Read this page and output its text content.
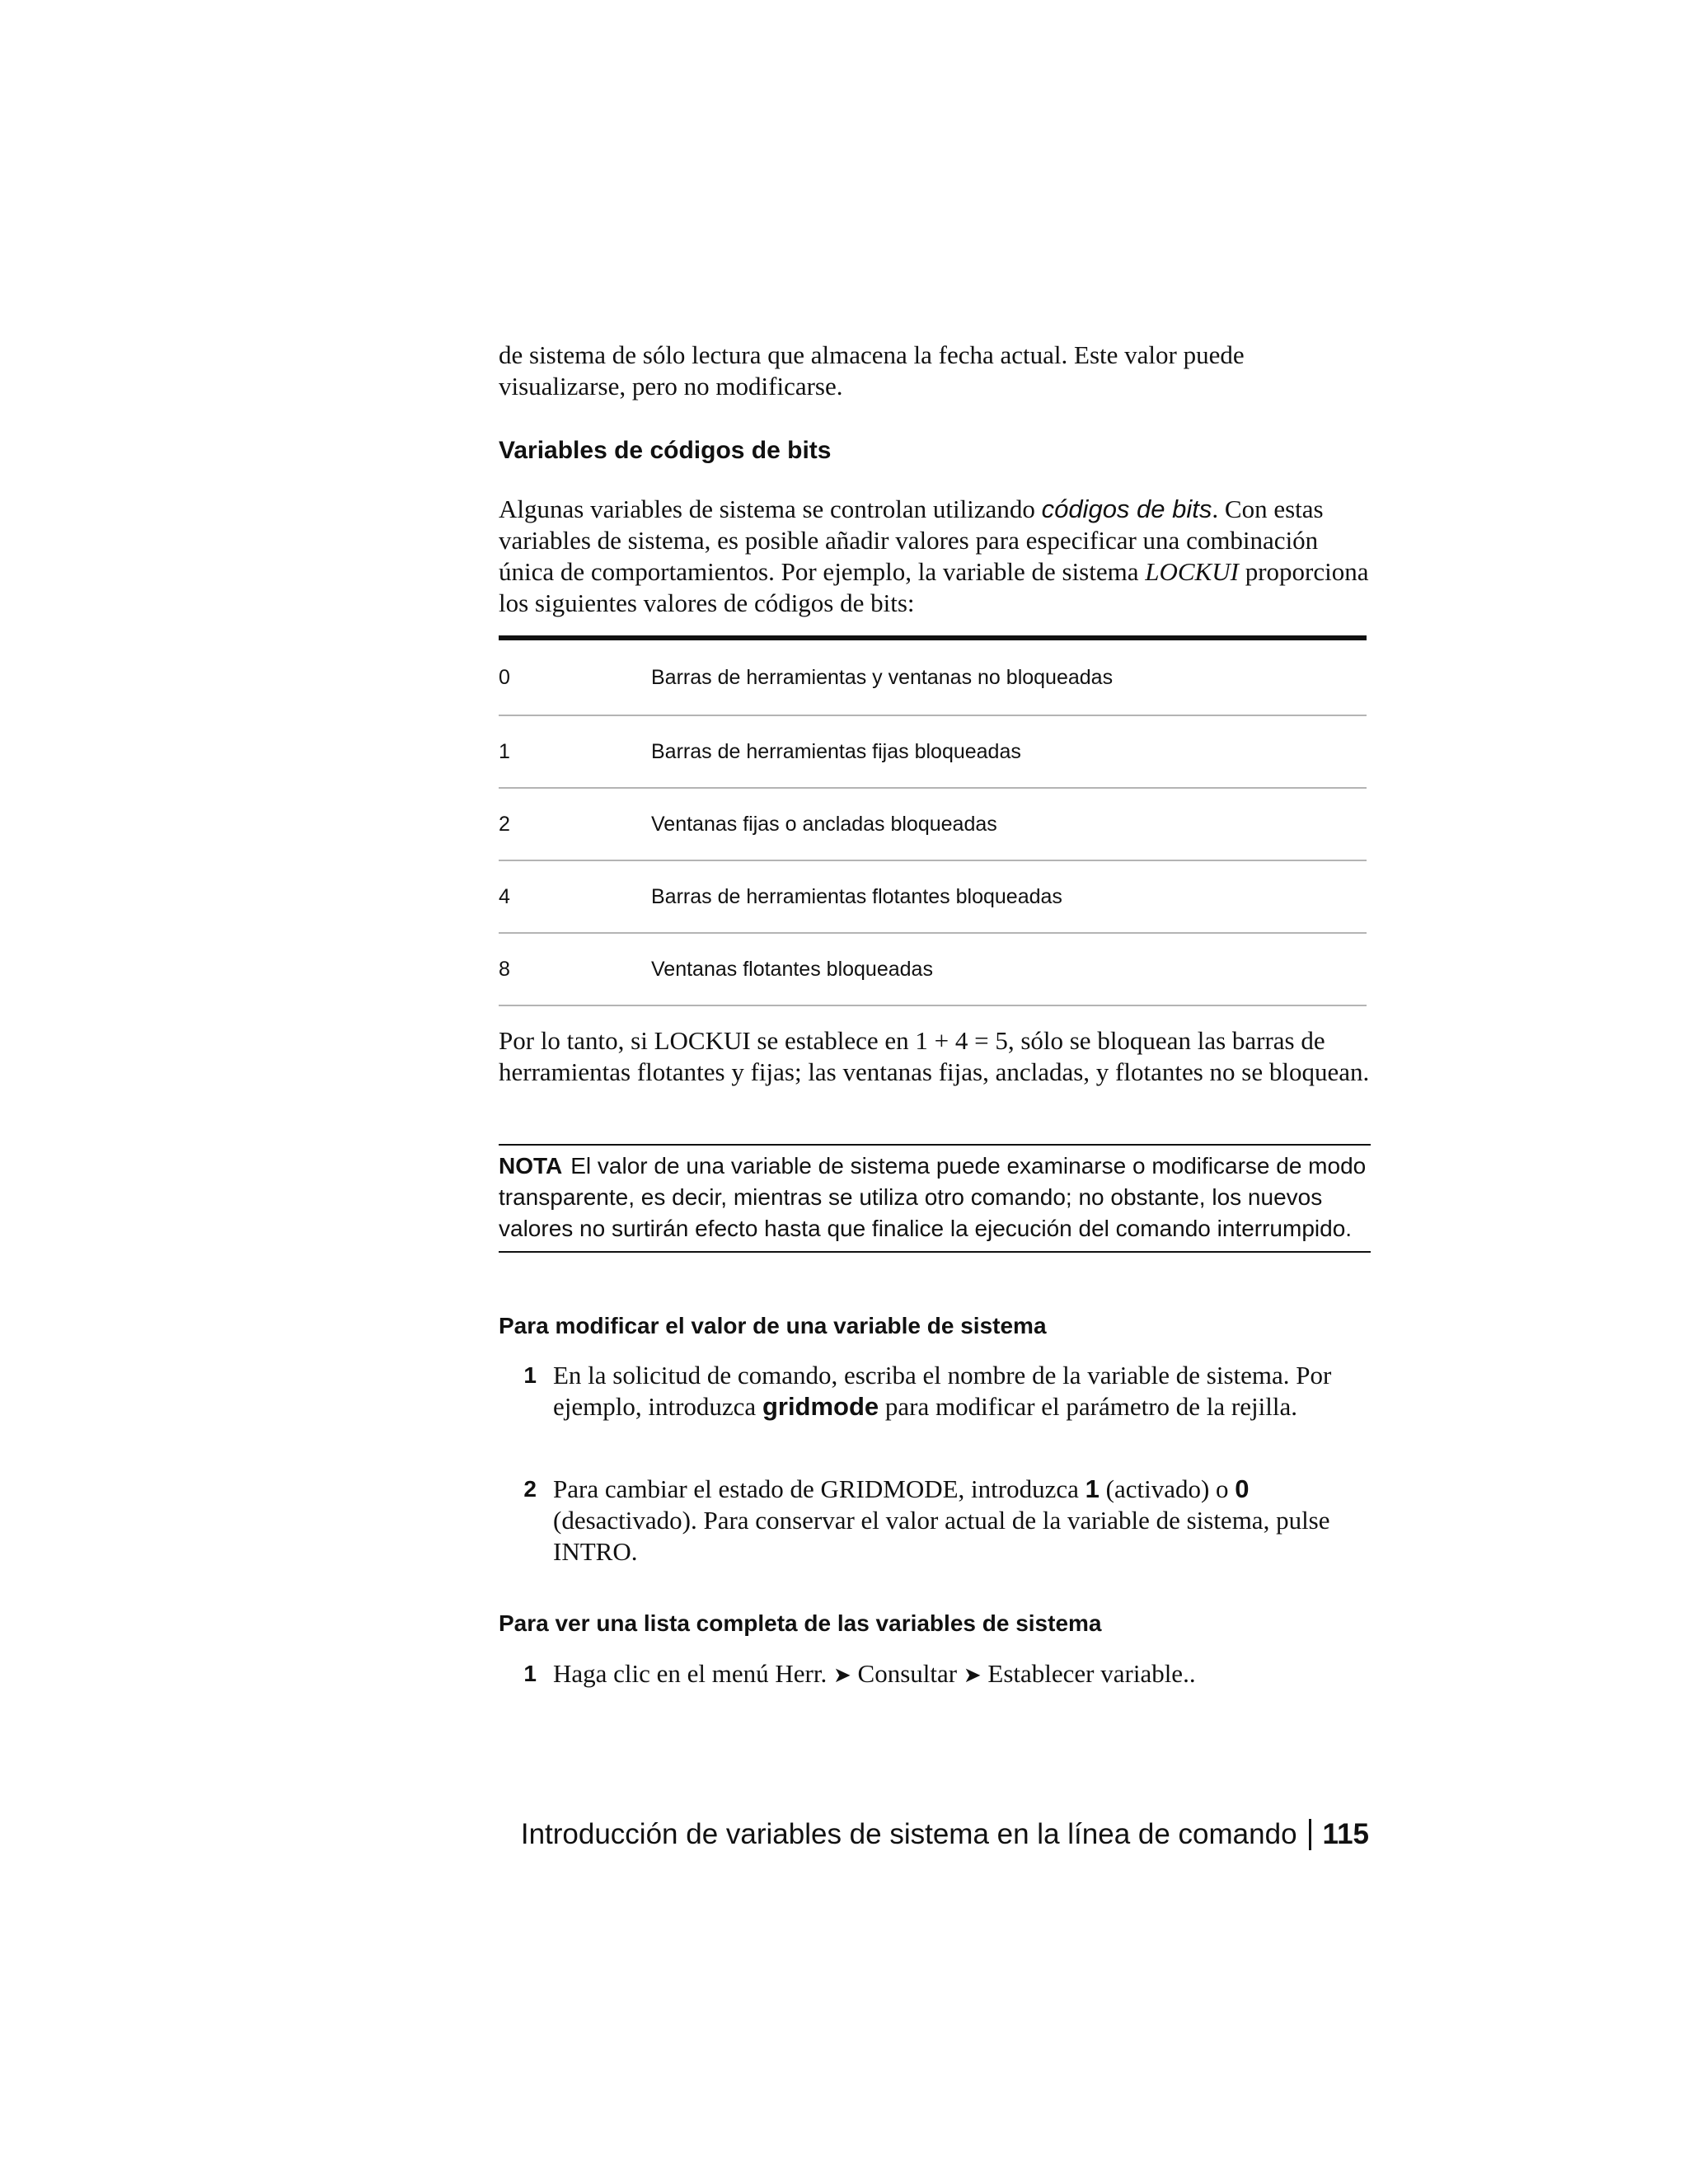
de sistema de sólo lectura que almacena la fecha actual. Este valor puede visualizarse, pero no modificarse.

Variables de códigos de bits

Algunas variables de sistema se controlan utilizando códigos de bits. Con estas variables de sistema, es posible añadir valores para especificar una combinación única de comportamientos. Por ejemplo, la variable de sistema LOCKUI proporciona los siguientes valores de códigos de bits:

0	Barras de herramientas y ventanas no bloqueadas
1	Barras de herramientas fijas bloqueadas
2	Ventanas fijas o ancladas bloqueadas
4	Barras de herramientas flotantes bloqueadas
8	Ventanas flotantes bloqueadas

Por lo tanto, si LOCKUI se establece en 1 + 4 = 5, sólo se bloquean las barras de herramientas flotantes y fijas; las ventanas fijas, ancladas, y flotantes no se bloquean.

NOTA El valor de una variable de sistema puede examinarse o modificarse de modo transparente, es decir, mientras se utiliza otro comando; no obstante, los nuevos valores no surtirán efecto hasta que finalice la ejecución del comando interrumpido.
Para modificar el valor de una variable de sistema
1 En la solicitud de comando, escriba el nombre de la variable de sistema. Por ejemplo, introduzca gridmode para modificar el parámetro de la rejilla.
2 Para cambiar el estado de GRIDMODE, introduzca 1 (activado) o 0 (desactivado). Para conservar el valor actual de la variable de sistema, pulse INTRO.
Para ver una lista completa de las variables de sistema
1 Haga clic en el menú Herr. ➤ Consultar ➤ Establecer variable..
Introducción de variables de sistema en la línea de comando 115
